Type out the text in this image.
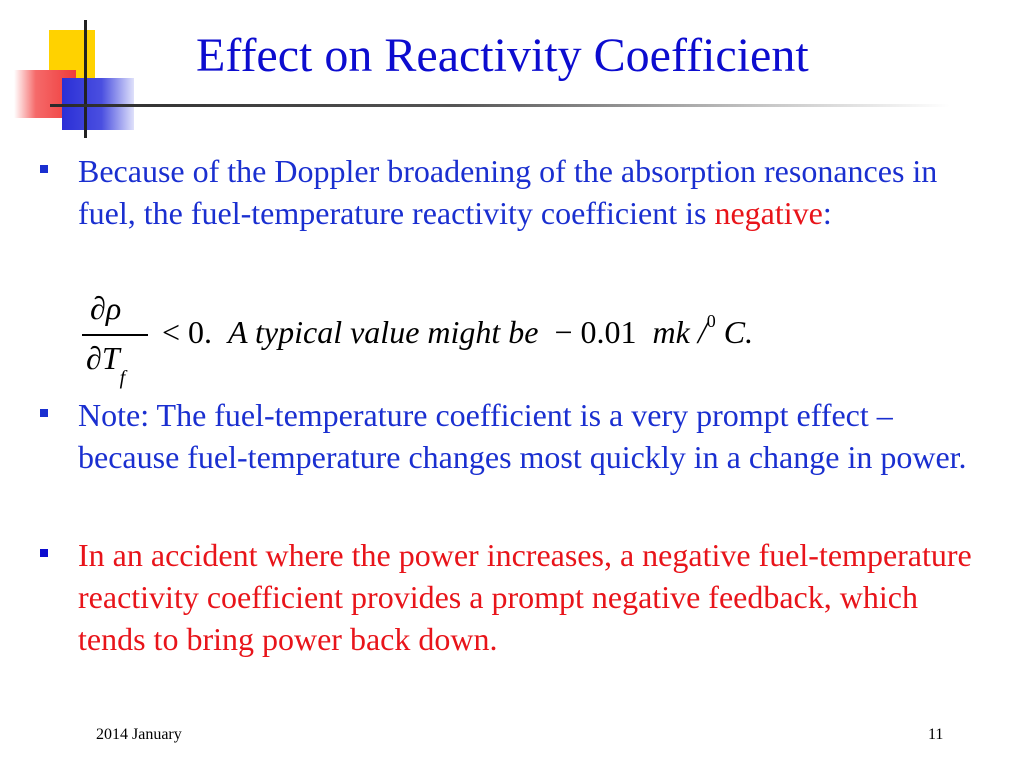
Effect on Reactivity Coefficient
Because of the Doppler broadening of the absorption resonances in fuel, the fuel-temperature reactivity coefficient is negative:
∂ρ
$\partial T_f$
< 0. A typical value might be − 0.01 mk /$^0$ C.
Note: The fuel-temperature coefficient is a very prompt effect – because fuel-temperature changes most quickly in a change in power.
In an accident where the power increases, a negative fuel-temperature reactivity coefficient provides a prompt negative feedback, which tends to bring power back down.
2014 January	11
